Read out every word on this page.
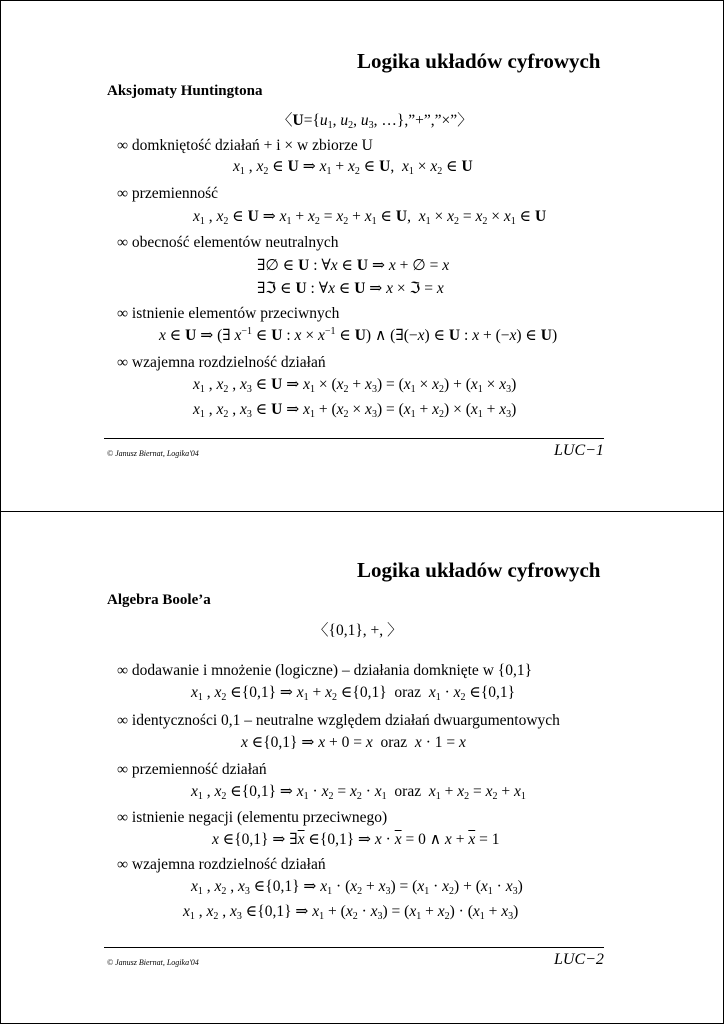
Logika układów cyfrowych
Aksjomaty Huntingtona
〈$U=\{u_1$, $u_2$, $u_3$, …},”+”,”×”〉
∞ domkniętość działań + i × w zbiorze U
$x_1$ , $x_2$ ∈ U ⇒ $x_1 + x_2$ ∈ U,  $x_1 \times x_2$ ∈ U
∞ przemienność
$x_1$ , $x_2$ ∈ U ⇒ $x_1 + x_2 = x_2 + x_1$ ∈ U,  $x_1 \times x_2 = x_2 \times x_1$ ∈ U
∞ obecność elementów neutralnych
∃∅ ∈ U : ∀x ∈ U ⇒ x + ∅ = x
∃ℑ ∈ U : ∀x ∈ U ⇒ x × ℑ = x
∞ istnienie elementów przeciwnych
x ∈ U ⇒ (∃ $x^{-1}$ ∈ U : $x \times x^{-1}$ ∈ U) ∧ (∃(−x) ∈ U : x + (−x) ∈ U)
∞ wzajemna rozdzielność działań
$x_1$ , $x_2$ , $x_3$ ∈ U ⇒ $x_1 \times (x_2 + x_3) = (x_1 \times x_2) + (x_1 \times x_3)$
$x_1$ , $x_2$ , $x_3$ ∈ U ⇒ $x_1 + (x_2 \times x_3) = (x_1 + x_2) \times (x_1 + x_3)$
© Janusz Biernat, Logika'04	LUC−1
Logika układów cyfrowych
Algebra Boole’a
〈{0,1}, +, 〉
∞ dodawanie i mnożenie (logiczne) – działania domknięte w {0,1}
$x_1$ , $x_2$ ∈{0,1} ⇒ $x_1 + x_2$ ∈{0,1}  oraz  $x_1 \cdot x_2$ ∈{0,1}
∞ identyczności 0,1 – neutralne względem działań dwuargumentowych
x ∈{0,1} ⇒ x + 0 = x  oraz  x · 1 = x
∞ przemienność działań
$x_1$ , $x_2$ ∈{0,1} ⇒ $x_1 \cdot x_2 = x_2 \cdot x_1$  oraz  $x_1 + x_2 = x_2 + x_1$
∞ istnienie negacji (elementu przeciwnego)
x ∈{0,1} ⇒ $\exists\overline{x}$ ∈{0,1} ⇒ $x \cdot \overline{x} = 0$ ∧ $x + \overline{x} = 1$
∞ wzajemna rozdzielność działań
$x_1$ , $x_2$ , $x_3$ ∈{0,1} ⇒ $x_1 \cdot (x_2 + x_3) = (x_1 \cdot x_2) + (x_1 \cdot x_3)$
$x_1$ , $x_2$ , $x_3$ ∈{0,1} ⇒ $x_1 + (x_2 \cdot x_3) = (x_1 + x_2) \cdot (x_1 + x_3)$
© Janusz Biernat, Logika'04	LUC−2
